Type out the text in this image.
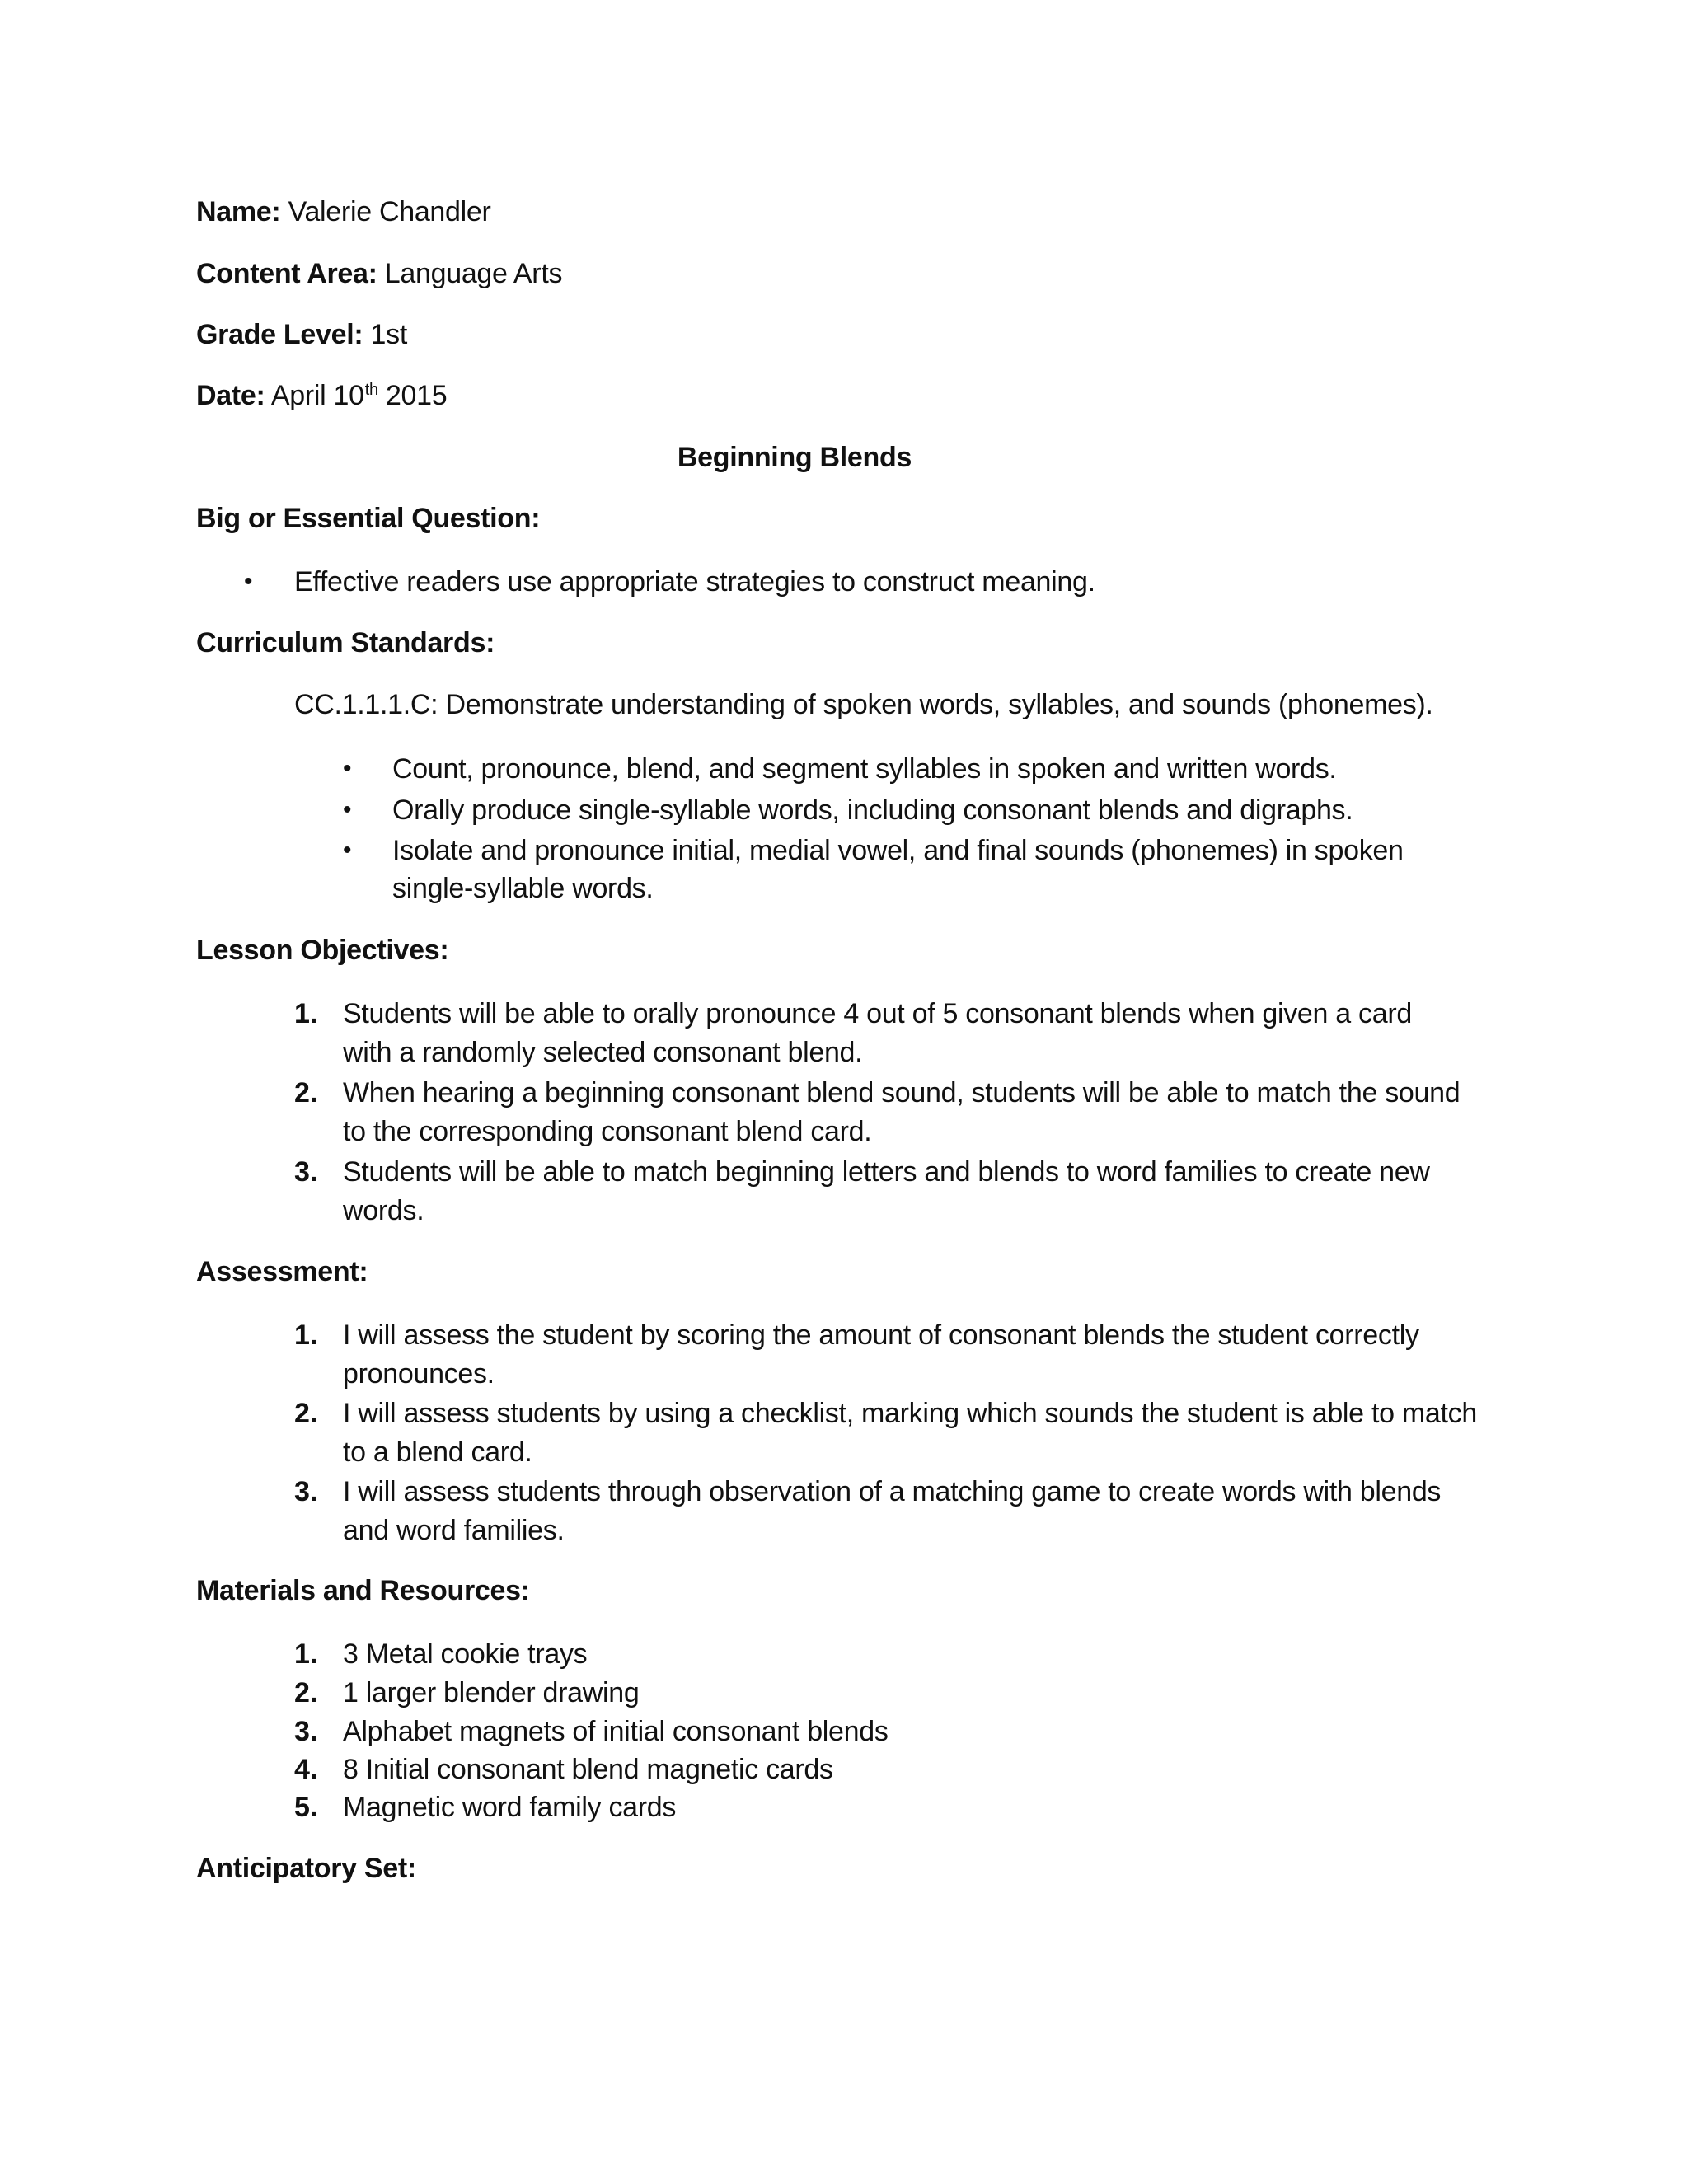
Name: Valerie Chandler
Content Area: Language Arts
Grade Level: 1st
Date: April 10th 2015
Beginning Blends
Big or Essential Question:
• Effective readers use appropriate strategies to construct meaning.
Curriculum Standards:
CC.1.1.1.C: Demonstrate understanding of spoken words, syllables, and sounds (phonemes).
• Count, pronounce, blend, and segment syllables in spoken and written words.
• Orally produce single-syllable words, including consonant blends and digraphs.
• Isolate and pronounce initial, medial vowel, and final sounds (phonemes) in spoken
single-syllable words.
Lesson Objectives:
1. Students will be able to orally pronounce 4 out of 5 consonant blends when given a card
with a randomly selected consonant blend.
2. When hearing a beginning consonant blend sound, students will be able to match the sound
to the corresponding consonant blend card.
3. Students will be able to match beginning letters and blends to word families to create new
words.
Assessment:
1. I will assess the student by scoring the amount of consonant blends the student correctly
pronounces.
2. I will assess students by using a checklist, marking which sounds the student is able to match
to a blend card.
3. I will assess students through observation of a matching game to create words with blends
and word families.
Materials and Resources:
1. 3 Metal cookie trays
2. 1 larger blender drawing
3. Alphabet magnets of initial consonant blends
4. 8 Initial consonant blend magnetic cards
5. Magnetic word family cards
Anticipatory Set:
